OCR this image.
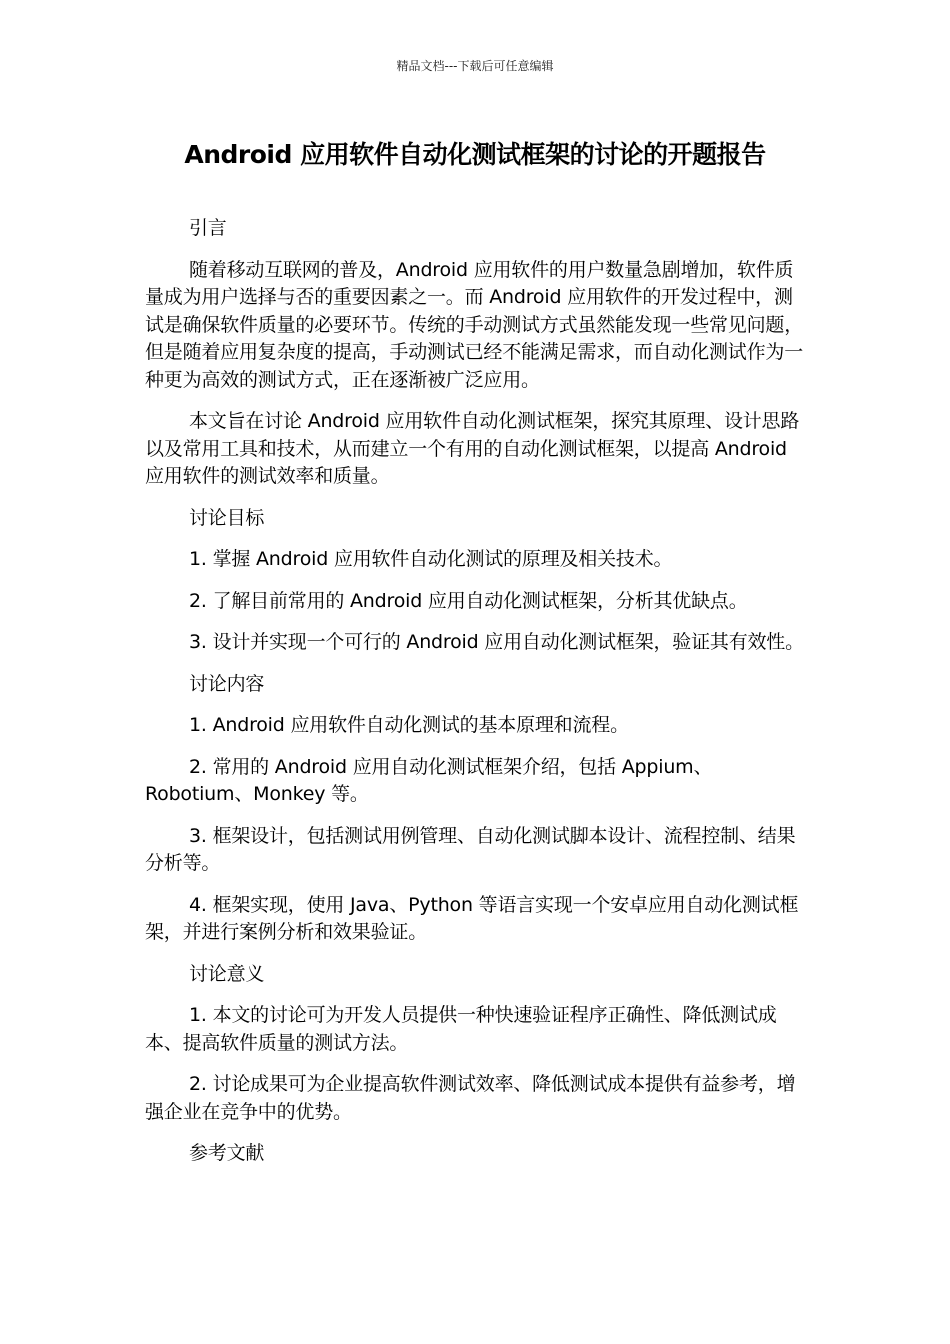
精品文档---下载后可任意编辑
Android 应用软件自动化测试框架的讨论的开题报告

引言

随着移动互联网的普及，Android 应用软件的用户数量急剧增加，软件质量成为用户选择与否的重要因素之一。而 Android 应用软件的开发过程中，测试是确保软件质量的必要环节。传统的手动测试方式虽然能发现一些常见问题，但是随着应用复杂度的提高，手动测试已经不能满足需求，而自动化测试作为一种更为高效的测试方式，正在逐渐被广泛应用。

本文旨在讨论 Android 应用软件自动化测试框架，探究其原理、设计思路以及常用工具和技术，从而建立一个有用的自动化测试框架，以提高 Android 应用软件的测试效率和质量。

讨论目标

1. 掌握 Android 应用软件自动化测试的原理及相关技术。

2. 了解目前常用的 Android 应用自动化测试框架，分析其优缺点。

3. 设计并实现一个可行的 Android 应用自动化测试框架，验证其有效性。

讨论内容

1. Android 应用软件自动化测试的基本原理和流程。

2. 常用的 Android 应用自动化测试框架介绍，包括 Appium、Robotium、Monkey 等。

3. 框架设计，包括测试用例管理、自动化测试脚本设计、流程控制、结果分析等。

4. 框架实现，使用 Java、Python 等语言实现一个安卓应用自动化测试框架，并进行案例分析和效果验证。

讨论意义

1. 本文的讨论可为开发人员提供一种快速验证程序正确性、降低测试成本、提高软件质量的测试方法。

2. 讨论成果可为企业提高软件测试效率、降低测试成本提供有益参考，增强企业在竞争中的优势。

参考文献
